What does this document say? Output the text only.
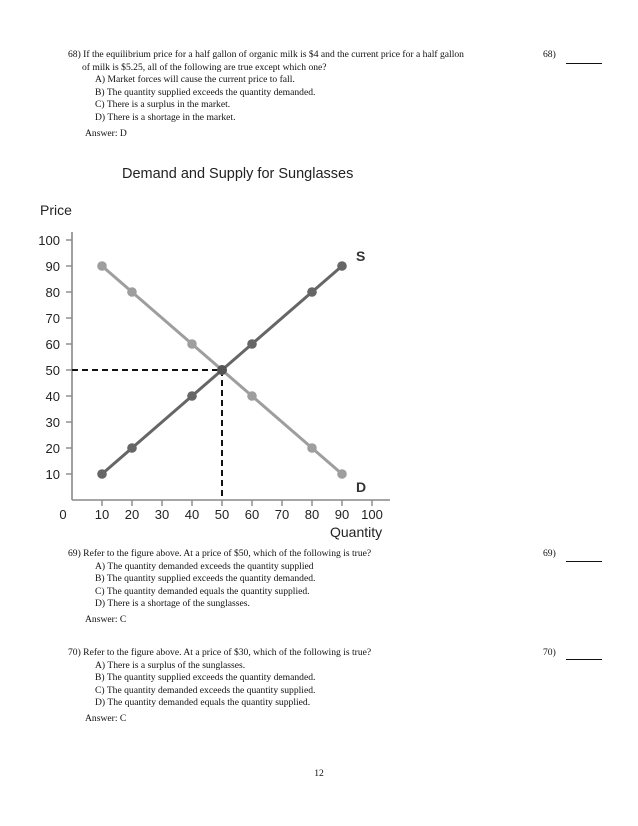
68) If the equilibrium price for a half gallon of organic milk is $4 and the current price for a half gallon
of milk is $5.25, all of the following are true except which one?
A) Market forces will cause the current price to fall.
B) The quantity supplied exceeds the quantity demanded.
C) There is a surplus in the market.
D) There is a shortage in the market.
Answer: D
68)
Demand and Supply for Sunglasses
Price
Quantity
0
10
20
30
40
50
60
70
80
90
100
10 20 30 40 50 60 70 80 90 100
D
S
69) Refer to the figure above. At a price of $50, which of the following is true?
A) The quantity demanded exceeds the quantity supplied
B) The quantity supplied exceeds the quantity demanded.
C) The quantity demanded equals the quantity supplied.
D) There is a shortage of the sunglasses.
Answer: C
69)
70) Refer to the figure above. At a price of $30, which of the following is true?
A) There is a surplus of the sunglasses.
B) The quantity supplied exceeds the quantity demanded.
C) The quantity demanded exceeds the quantity supplied.
D) The quantity demanded equals the quantity supplied.
Answer: C
70)
12
